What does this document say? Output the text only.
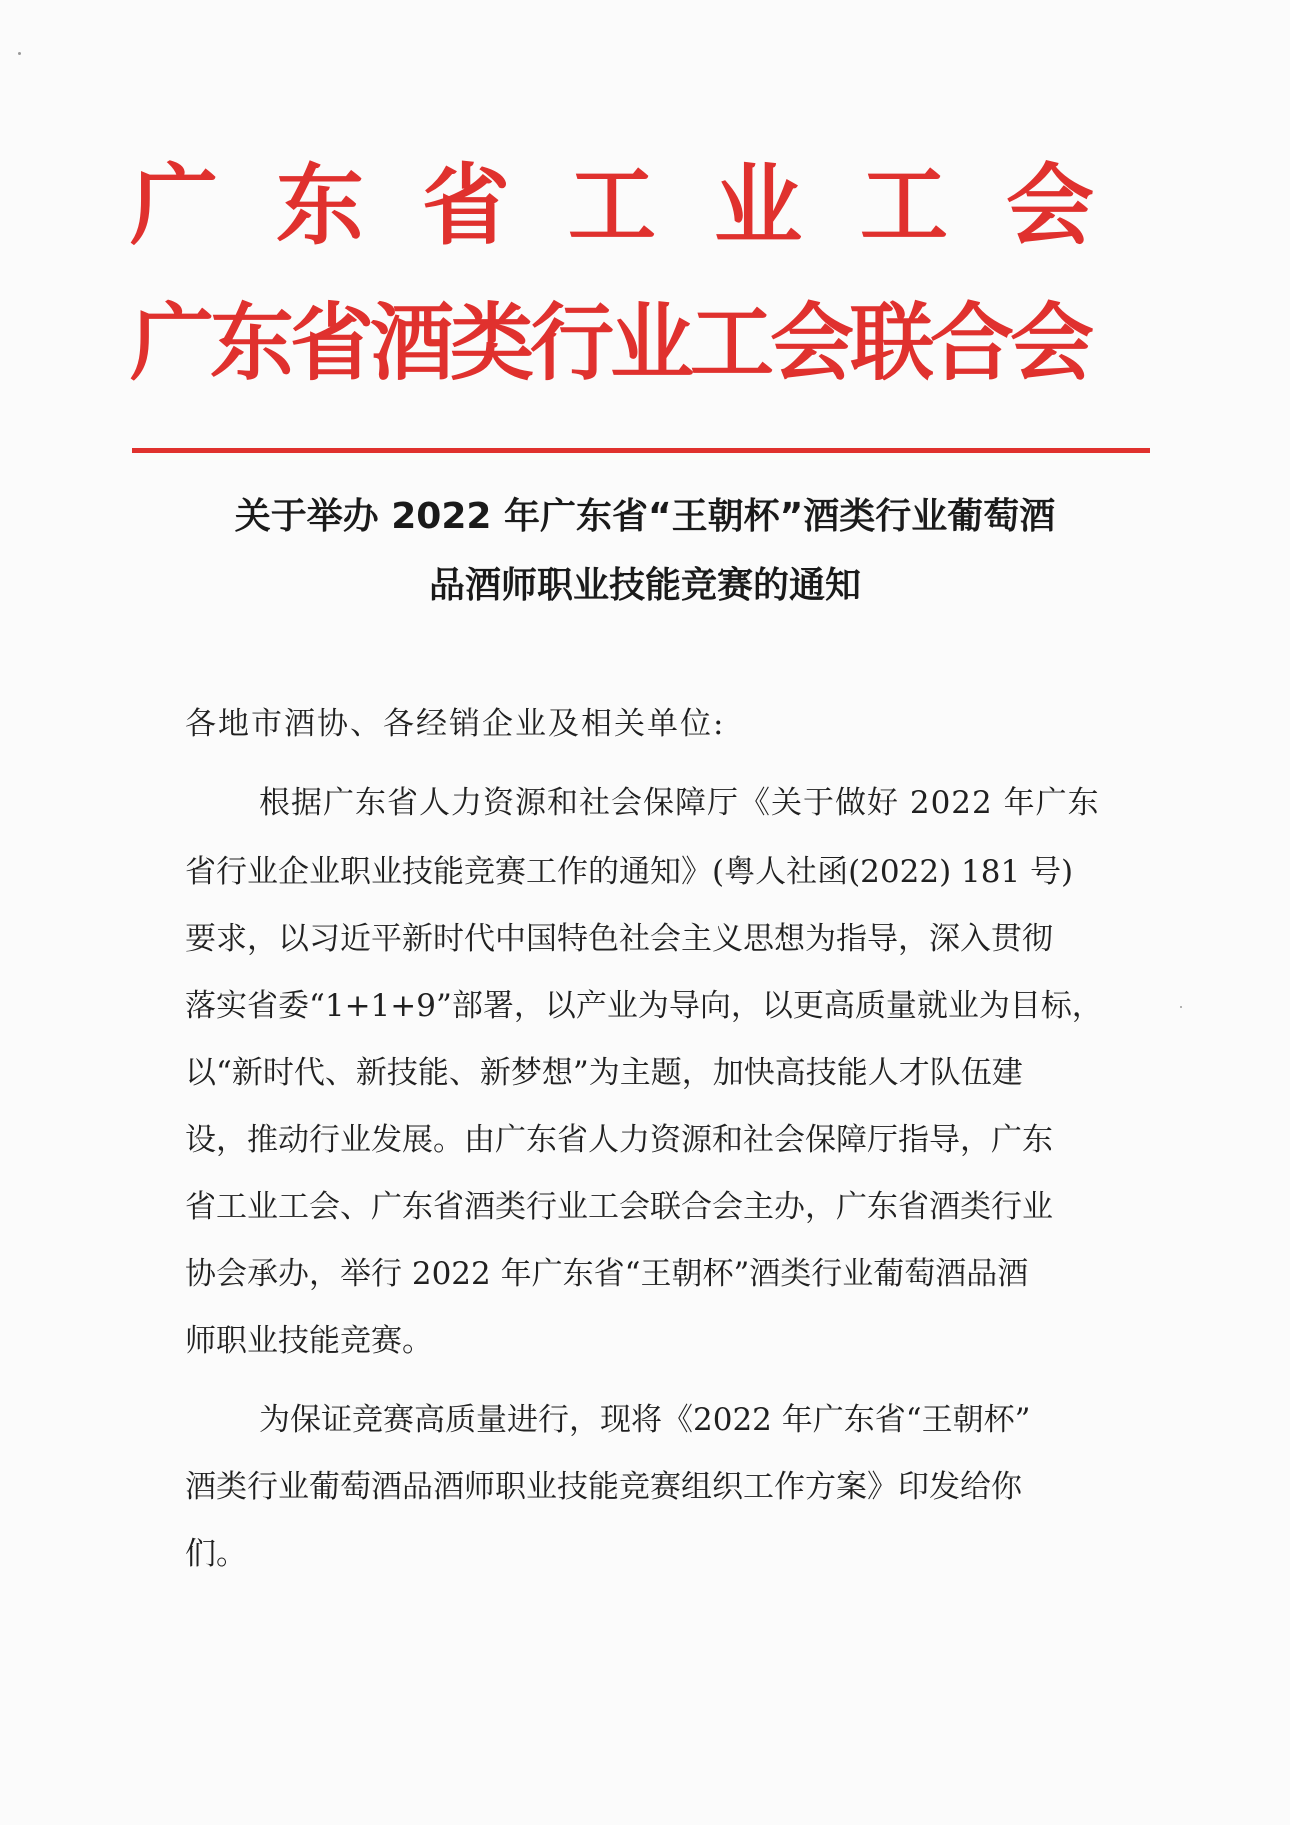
广东省工业工会
广东省酒类行业工会联合会
关于举办 2022 年广东省“王朝杯”酒类行业葡萄酒
品酒师职业技能竞赛的通知
各地市酒协、各经销企业及相关单位:
根据广东省人力资源和社会保障厅《关于做好 2022 年广东
省行业企业职业技能竞赛工作的通知》(粤人社函(2022) 181 号)
要求，以习近平新时代中国特色社会主义思想为指导，深入贯彻
落实省委“1+1+9”部署，以产业为导向，以更高质量就业为目标，
以“新时代、新技能、新梦想”为主题，加快高技能人才队伍建
设，推动行业发展。由广东省人力资源和社会保障厅指导，广东
省工业工会、广东省酒类行业工会联合会主办，广东省酒类行业
协会承办，举行 2022 年广东省“王朝杯”酒类行业葡萄酒品酒
师职业技能竞赛。
为保证竞赛高质量进行，现将《2022 年广东省“王朝杯”
酒类行业葡萄酒品酒师职业技能竞赛组织工作方案》印发给你
们。
